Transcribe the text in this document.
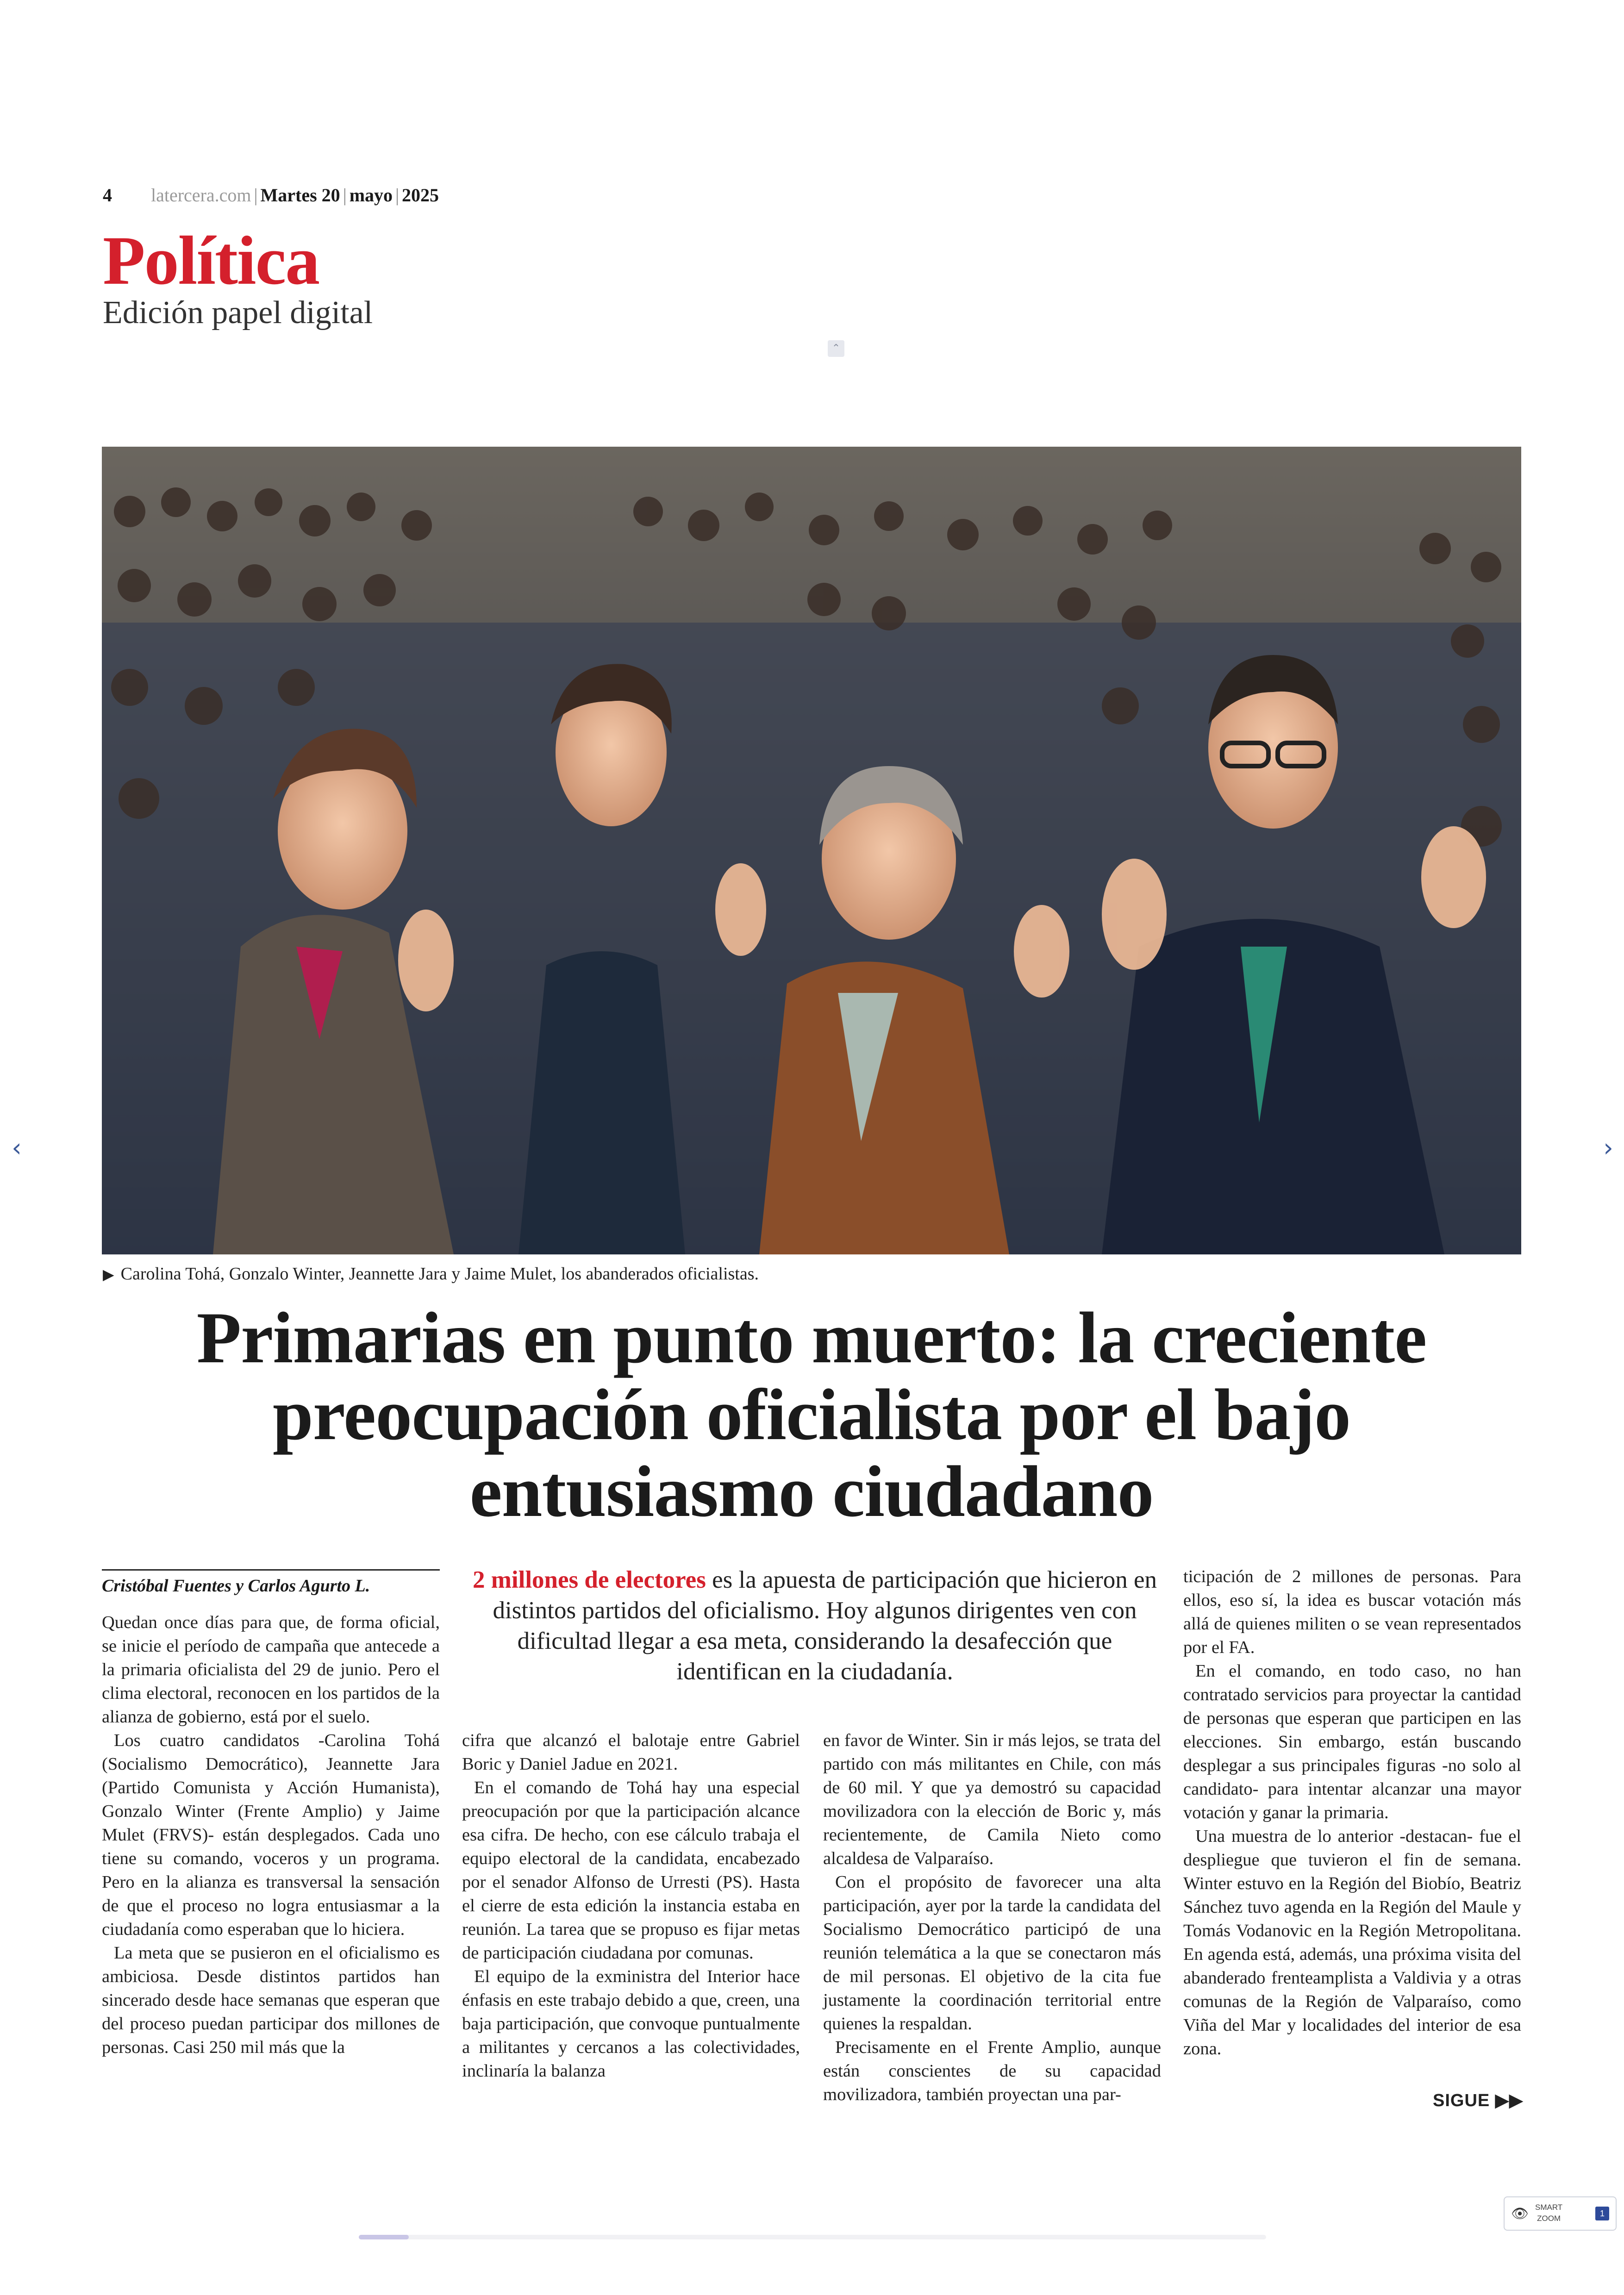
4 latercera.com | Martes 20 | mayo | 2025
Política
Edición papel digital
⌃
▶ Carolina Tohá, Gonzalo Winter, Jeannette Jara y Jaime Mulet, los abanderados oficialistas.
Primarias en punto muerto: la creciente preocupación oficialista por el bajo entusiasmo ciudadano
Cristóbal Fuentes y Carlos Agurto L.	2 millones de electores es la apuesta de participación que hicieron en distintos partidos del oficialismo. Hoy algunos dirigentes ven con dificultad llegar a esa meta, considerando la desafección que identifican en la ciudadanía.

Quedan once días para que, de forma oficial, se inicie el período de campaña que antecede a la primaria oficialista del 29 de junio. Pero el clima electoral, reconocen en los partidos de la alianza de gobierno, está por el suelo.

Los cuatro candidatos -Carolina Tohá (Socialismo Democrático), Jeannette Jara (Partido Comunista y Acción Humanista), Gonzalo Winter (Frente Amplio) y Jaime Mulet (FRVS)- están desplegados. Cada uno tiene su comando, voceros y un programa. Pero en la alianza es transversal la sensación de que el proceso no logra entusiasmar a la ciudadanía como esperaban que lo hiciera.

La meta que se pusieron en el oficialismo es ambiciosa. Desde distintos partidos han sincerado desde hace semanas que esperan que del proceso puedan participar dos millones de personas. Casi 250 mil más que la

cifra que alcanzó el balotaje entre Gabriel Boric y Daniel Jadue en 2021.

En el comando de Tohá hay una especial preocupación por que la participación alcance esa cifra. De hecho, con ese cálculo trabaja el equipo electoral de la candidata, encabezado por el senador Alfonso de Urresti (PS). Hasta el cierre de esta edición la instancia estaba en reunión. La tarea que se propuso es fijar metas de participación ciudadana por comunas.

El equipo de la exministra del Interior hace énfasis en este trabajo debido a que, creen, una baja participación, que convoque puntualmente a militantes y cercanos a las colectividades, inclinaría la balanza

en favor de Winter. Sin ir más lejos, se trata del partido con más militantes en Chile, con más de 60 mil. Y que ya demostró su capacidad movilizadora con la elección de Boric y, más recientemente, de Camila Nieto como alcaldesa de Valparaíso.

Con el propósito de favorecer una alta participación, ayer por la tarde la candidata del Socialismo Democrático participó de una reunión telemática a la que se conectaron más de mil personas. El objetivo de la cita fue justamente la coordinación territorial entre quienes la respaldan.

Precisamente en el Frente Amplio, aunque están conscientes de su capacidad movilizadora, también proyectan una par-

ticipación de 2 millones de personas. Para ellos, eso sí, la idea es buscar votación más allá de quienes militen o se vean representados por el FA.

En el comando, en todo caso, no han contratado servicios para proyectar la cantidad de personas que esperan que participen en las elecciones. Sin embargo, están buscando desplegar a sus principales figuras -no solo al candidato- para intentar alcanzar una mayor votación y ganar la primaria.

Una muestra de lo anterior -destacan- fue el despliegue que tuvieron el fin de semana. Winter estuvo en la Región del Biobío, Beatriz Sánchez tuvo agenda en la Región del Maule y Tomás Vodanovic en la Región Metropolitana. En agenda está, además, una próxima visita del abanderado frenteamplista a Valdivia y a otras comunas de la Región de Valparaíso, como Viña del Mar y localidades del interior de esa zona.

SIGUE ▶▶
‹	›
👁 SMART
ZOOM
1
